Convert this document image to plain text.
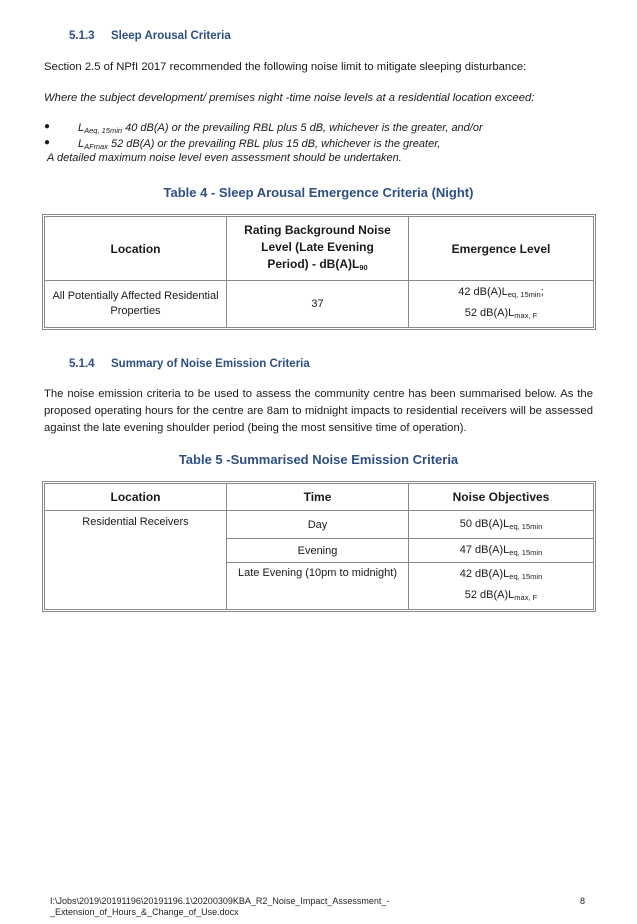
5.1.3 Sleep Arousal Criteria
Section 2.5 of NPfI 2017 recommended the following noise limit to mitigate sleeping disturbance:
Where the subject development/ premises night -time noise levels at a residential location exceed:
●	$L_{Aeq, 15min}$ 40 dB(A) or the prevailing RBL plus 5 dB, whichever is the greater, and/or
●	$L_{AFmax}$ 52 dB(A) or the prevailing RBL plus 15 dB, whichever is the greater,
A detailed maximum noise level even assessment should be undertaken.
Table 4 - Sleep Arousal Emergence Criteria (Night)
Location	Rating Background Noise
Level (Late Evening
Period) - $dB(A)L_{90}$	Emergence Level
All Potentially Affected Residential Properties	37	42 $dB(A)L_{eq, 15min}$;
52 $dB(A)L_{max, F}$
5.1.4 Summary of Noise Emission Criteria
The noise emission criteria to be used to assess the community centre has been summarised below. As the proposed operating hours for the centre are 8am to midnight impacts to residential receivers will be assessed against the late evening shoulder period (being the most sensitive time of operation).
Table 5 -Summarised Noise Emission Criteria
Location	Time	Noise Objectives
Residential Receivers	Day	50 $dB(A)L_{eq, 15min}$
	Evening	47 $dB(A)L_{eq, 15min}$
	Late Evening (10pm to midnight)	42 $dB(A)L_{eq, 15min}$
52 $dB(A)L_{max, F}$
I:\Jobs\2019\20191196\20191196.1\20200309KBA_R2_Noise_Impact_Assessment_-
_Extension_of_Hours_&_Change_of_Use.docx
8
